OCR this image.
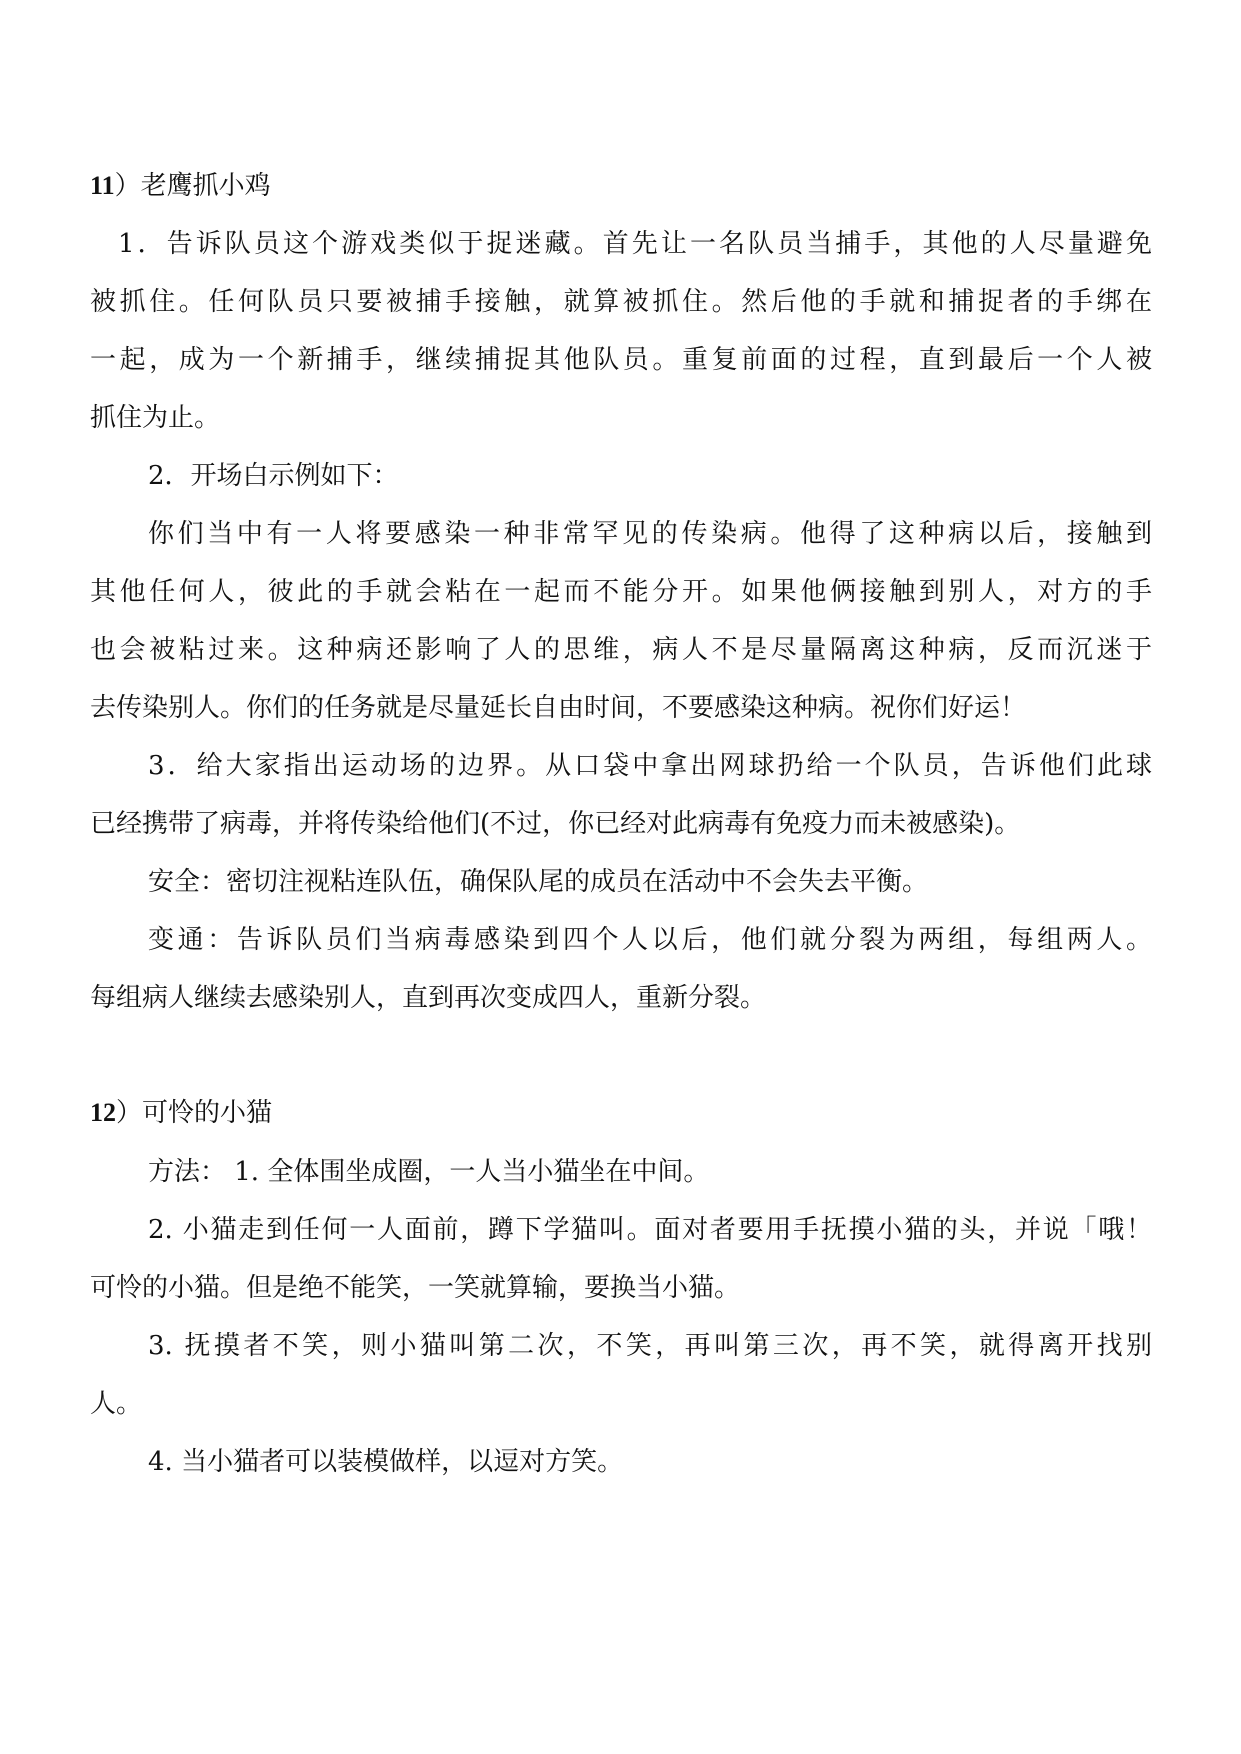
11）老鹰抓小鸡
1．告诉队员这个游戏类似于捉迷藏。首先让一名队员当捕手，其他的人尽量避免
被抓住。任何队员只要被捕手接触，就算被抓住。然后他的手就和捕捉者的手绑在
一起，成为一个新捕手，继续捕捉其他队员。重复前面的过程，直到最后一个人被
抓住为止。
2．开场白示例如下：
你们当中有一人将要感染一种非常罕见的传染病。他得了这种病以后，接触到
其他任何人，彼此的手就会粘在一起而不能分开。如果他俩接触到别人，对方的手
也会被粘过来。这种病还影响了人的思维，病人不是尽量隔离这种病，反而沉迷于
去传染别人。你们的任务就是尽量延长自由时间，不要感染这种病。祝你们好运！
3．给大家指出运动场的边界。从口袋中拿出网球扔给一个队员，告诉他们此球
已经携带了病毒，并将传染给他们(不过，你已经对此病毒有免疫力而未被感染)。
安全：密切注视粘连队伍，确保队尾的成员在活动中不会失去平衡。
变通：告诉队员们当病毒感染到四个人以后，他们就分裂为两组，每组两人。
每组病人继续去感染别人，直到再次变成四人，重新分裂。
12）可怜的小猫
方法： 1. 全体围坐成圈，一人当小猫坐在中间。
2. 小猫走到任何一人面前，蹲下学猫叫。面对者要用手抚摸小猫的头，并说「哦！
可怜的小猫。但是绝不能笑，一笑就算输，要换当小猫。
3. 抚摸者不笑，则小猫叫第二次，不笑，再叫第三次，再不笑，就得离开找别
人。
4. 当小猫者可以装模做样，以逗对方笑。
